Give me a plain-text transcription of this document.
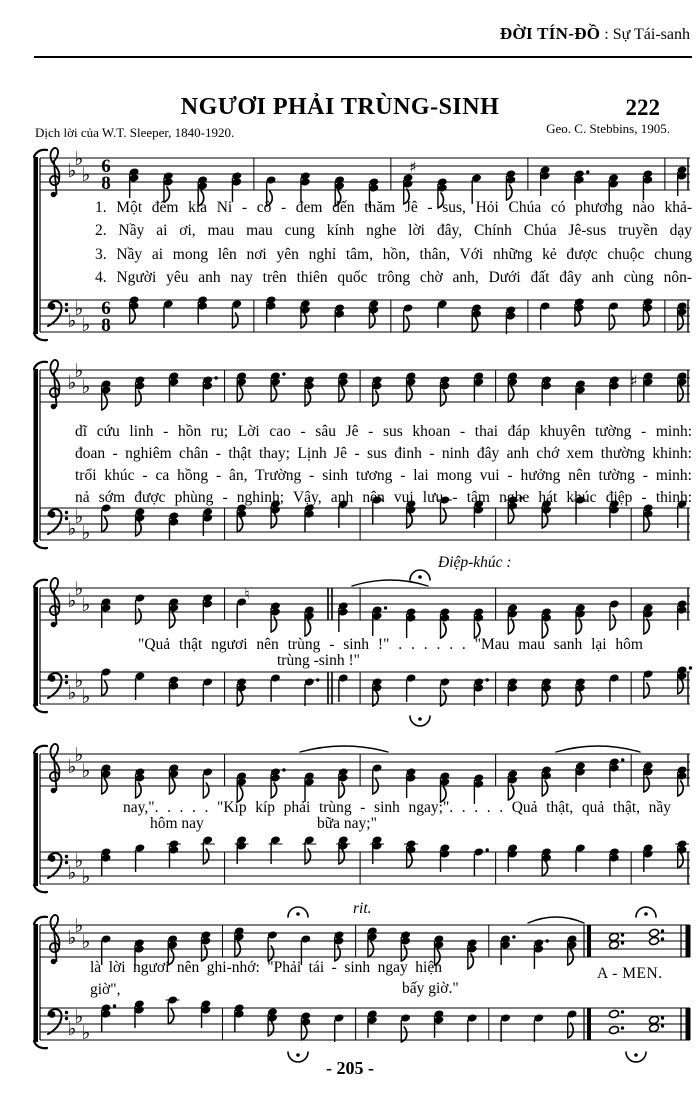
♭
♭
♭
♭
♭
♭
6
8
6
8
♯
♭
♭
♭
♭
♭
♭
♯	♯
♭
♭
♭
♭
♭
♭
♮
♭
♭
♭
♭
♭
♭
♭
♭
♭
♭
♭
♭
ĐỜI TÍN-ĐỒ : Sự Tái-sanh
NGƯƠI PHẢI TRÙNG-SINH	222
Dịch lời của W.T. Sleeper, 1840-1920.	Geo. C. Stebbins, 1905.
1. Một đêm kia Ni - cô - đem đến thăm Jê - sus, Hỏi Chúa có phương nào khả-
2. Nầy ai ơi, mau mau cung kính nghe lời đây, Chính Chúa Jê-sus truyền dạy
3. Nầy ai mong lên nơi yên nghỉ tâm, hồn, thân, Với những kẻ được chuộc chung
4. Người yêu anh nay trên thiên quốc trông chờ anh, Dưới đất đây anh cùng nôn-
dĩ cứu linh - hồn ru; Lời cao - sâu Jê - sus khoan - thai đáp khuyên tường - minh:
đoan - nghiêm chân - thật thay; Lịnh Jê - sus đinh - ninh đây anh chớ xem thường khinh:
trổi khúc - ca hồng - ân, Trường - sinh tương - lai mong vui - hưởng nên tường - minh:
nả sớm được phùng - nghinh; Vậy, anh nên vui lưu - tâm nghe hát khúc điệp - thinh:
Điệp-khúc :
"Quả thật ngươi nên trùng - sinh !" . . . . . . "Mau mau sanh lại hôm
trùng -sinh !"
nay,". . . . . "Kíp kíp phải trùng - sinh ngay;". . . . . Quả thật, quả thật, nầy
hôm nay	bữa nay;"
rit.
là lời ngươi nên ghi-nhớ: "Phải tái - sinh ngay hiện giờ",	bấy giờ."
A - MEN.
- 205 -
